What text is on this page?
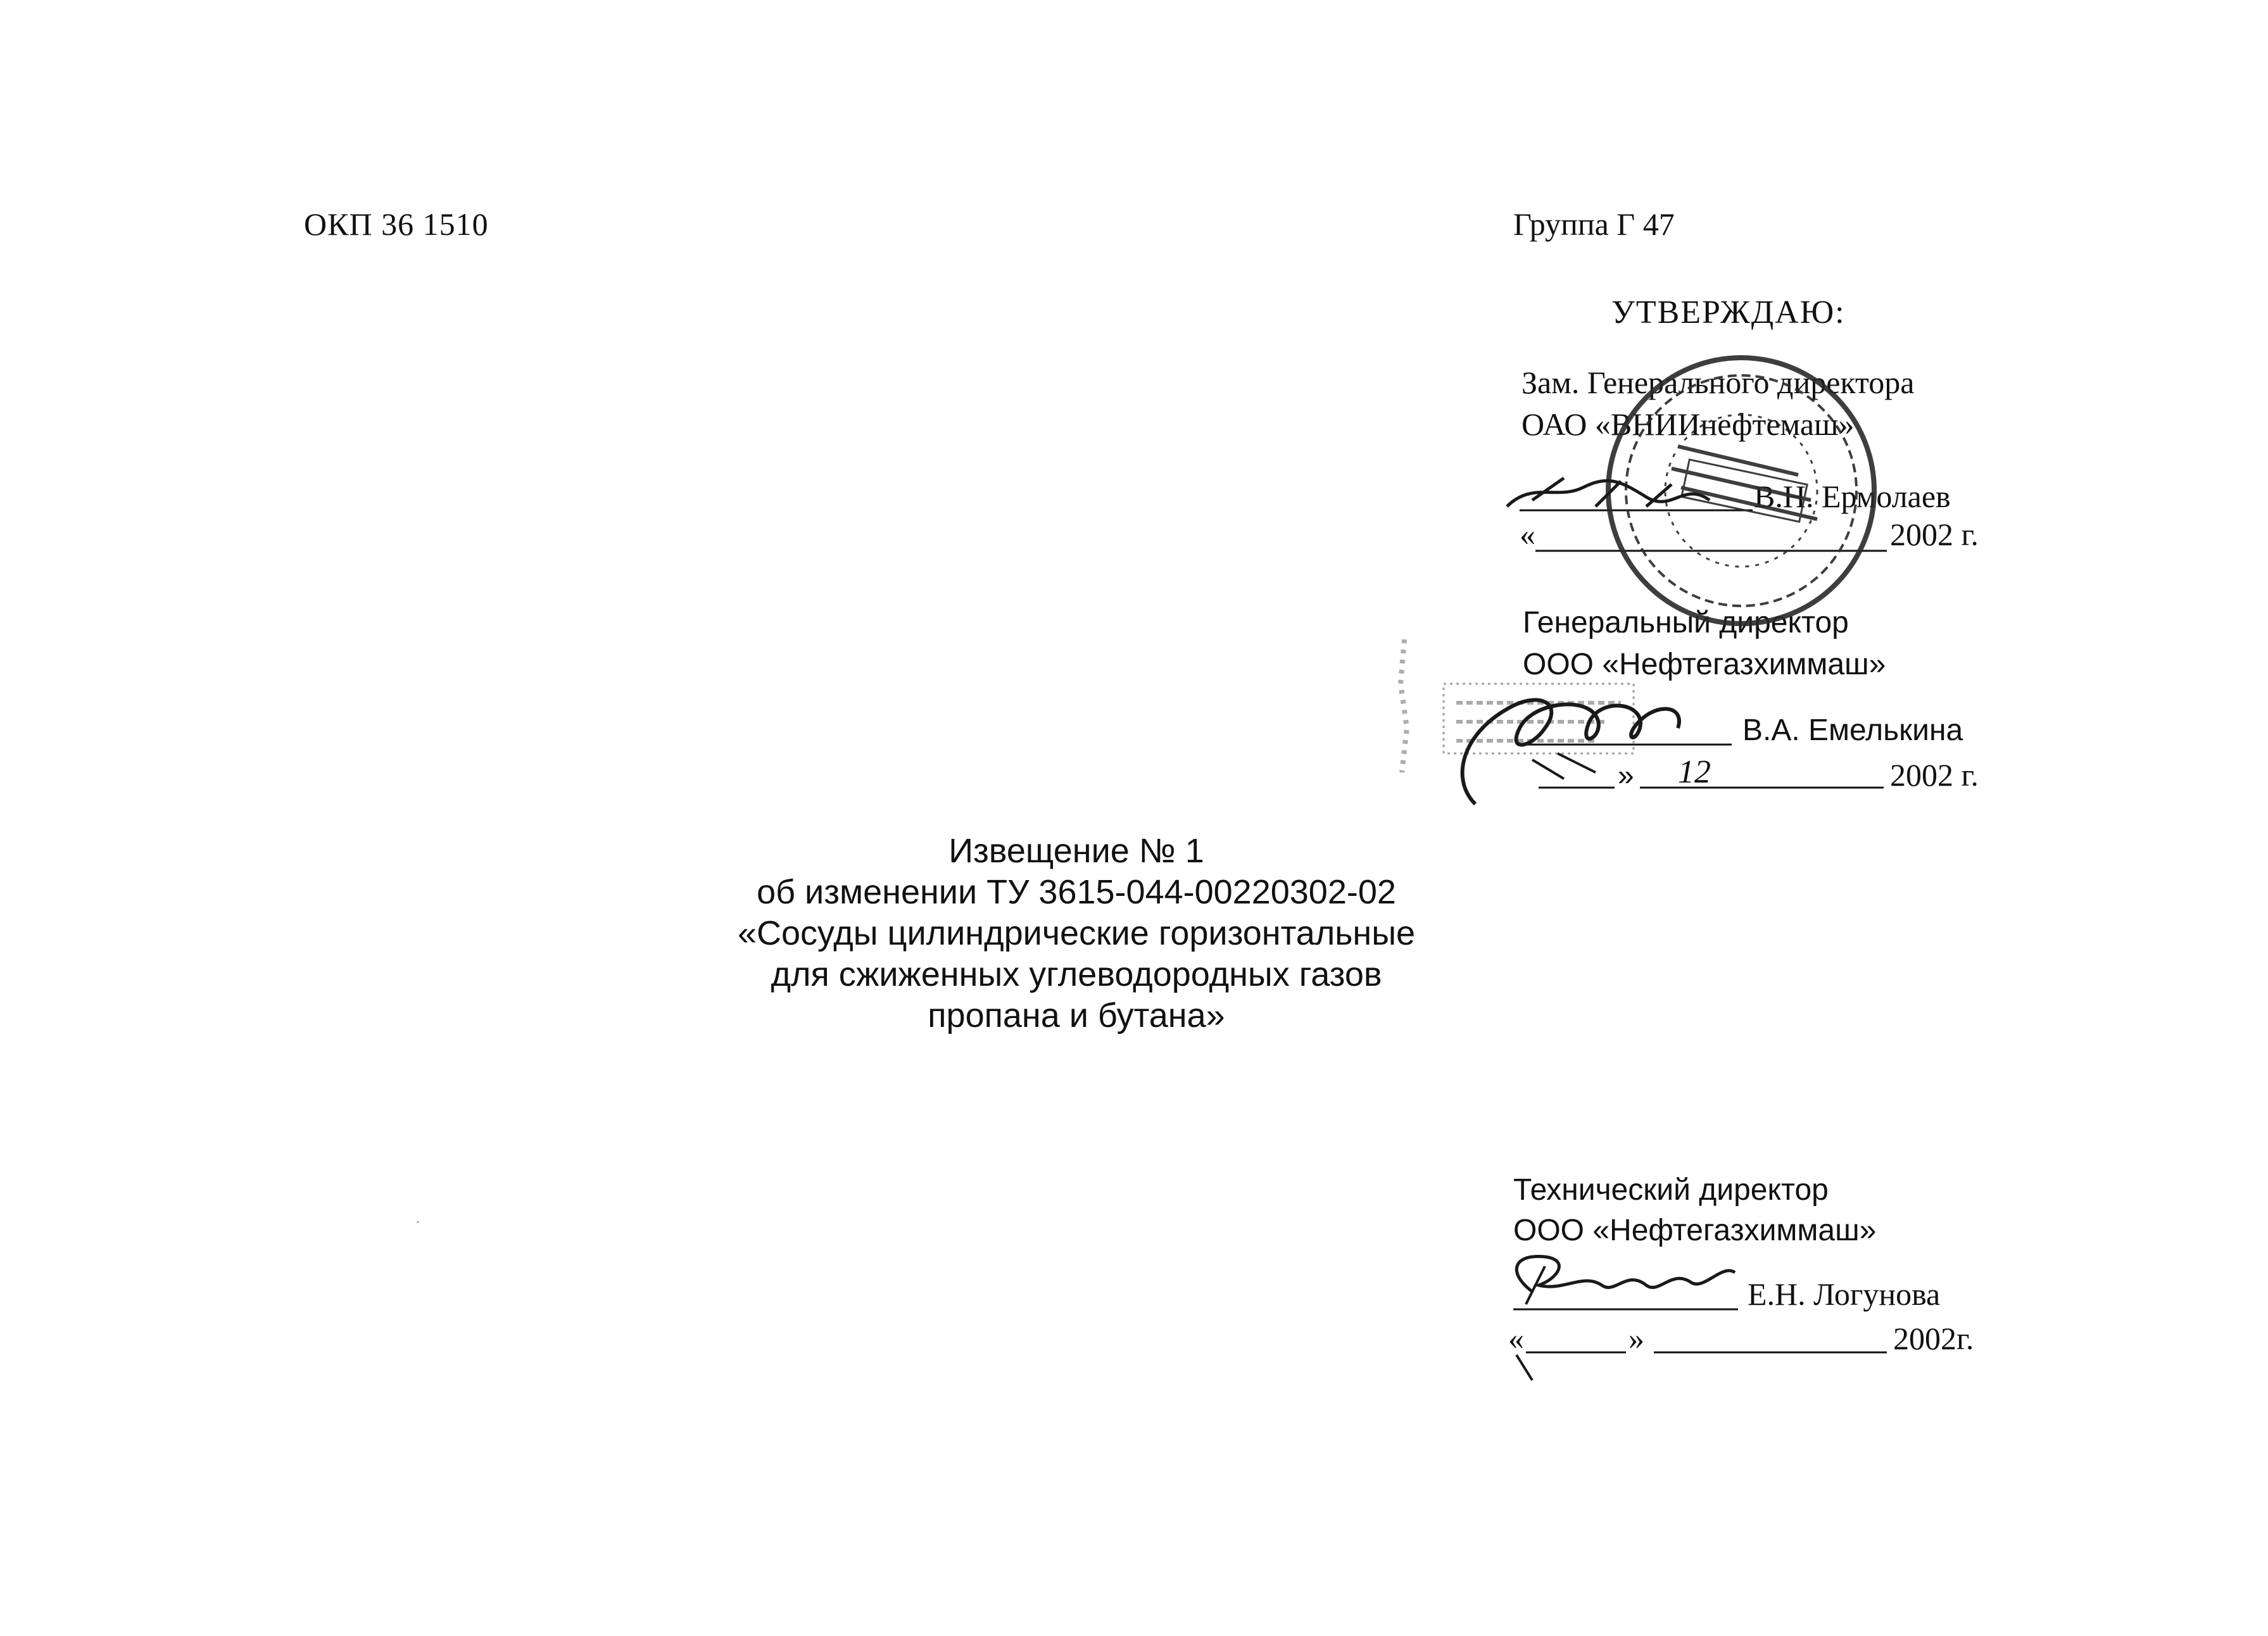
ОКП 36 1510	Группа Г 47
УТВЕРЖДАЮ:
Зам. Генерального директора
ОАО «ВНИИнефтемаш»
В.Н. Ермолаев
«	2002 г.
Генеральный директор
ООО «Нефтегазхиммаш»
В.А. Емелькина
» 12	2002 г.
Извещение № 1
об изменении ТУ 3615-044-00220302-02
«Сосуды цилиндрические горизонтальные
для сжиженных углеводородных газов
пропана и бутана»
Технический директор
ООО «Нефтегазхиммаш»
Е.Н. Логунова
«	»	2002г.
